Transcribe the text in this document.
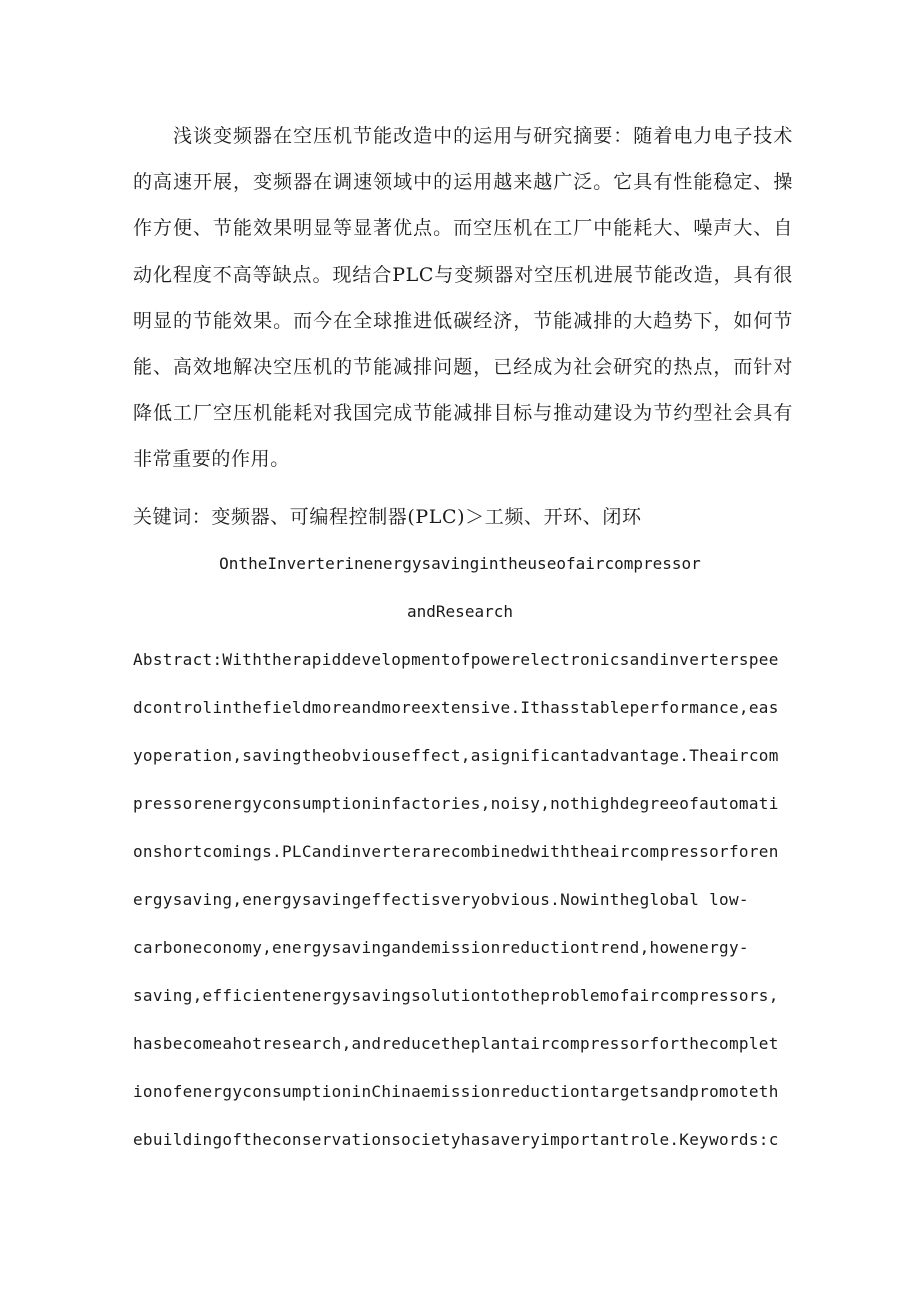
浅谈变频器在空压机节能改造中的运用与研究摘要：随着电力电子技术的高速开展，变频器在调速领域中的运用越来越广泛。它具有性能稳定、操作方便、节能效果明显等显著优点。而空压机在工厂中能耗大、噪声大、自动化程度不高等缺点。现结合PLC与变频器对空压机进展节能改造，具有很明显的节能效果。而今在全球推进低碳经济，节能减排的大趋势下，如何节能、高效地解决空压机的节能减排问题，已经成为社会研究的热点，而针对降低工厂空压机能耗对我国完成节能减排目标与推动建设为节约型社会具有非常重要的作用。

关键词：变频器、可编程控制器(PLC)＞工频、开环、闭环

OntheInverterinenergysavingintheuseofaircompressor

andResearch

Abstract:Withtherapiddevelopmentofpowerelectronicsandinverterspee
dcontrolinthefieldmoreandmoreextensive.Ithasstableperformance,eas
yoperation,savingtheobviouseffect,asignificantadvantage.Theaircom
pressorenergyconsumptioninfactories,noisy,nothighdegreeofautomati
onshortcomings.PLCandinverterarecombinedwiththeaircompressorforen
ergysaving,energysavingeffectisveryobvious.Nowintheglobal low-
carboneconomy,energysavingandemissionreductiontrend,howenergy-
saving,efficientenergysavingsolutiontotheproblemofaircompressors,
hasbecomeahotresearch,andreducetheplantaircompressorforthecomplet
ionofenergyconsumptioninChinaemissionreductiontargetsandpromoteth
ebuildingoftheconservationsocietyhasaveryimportantrole.Keywords:c
